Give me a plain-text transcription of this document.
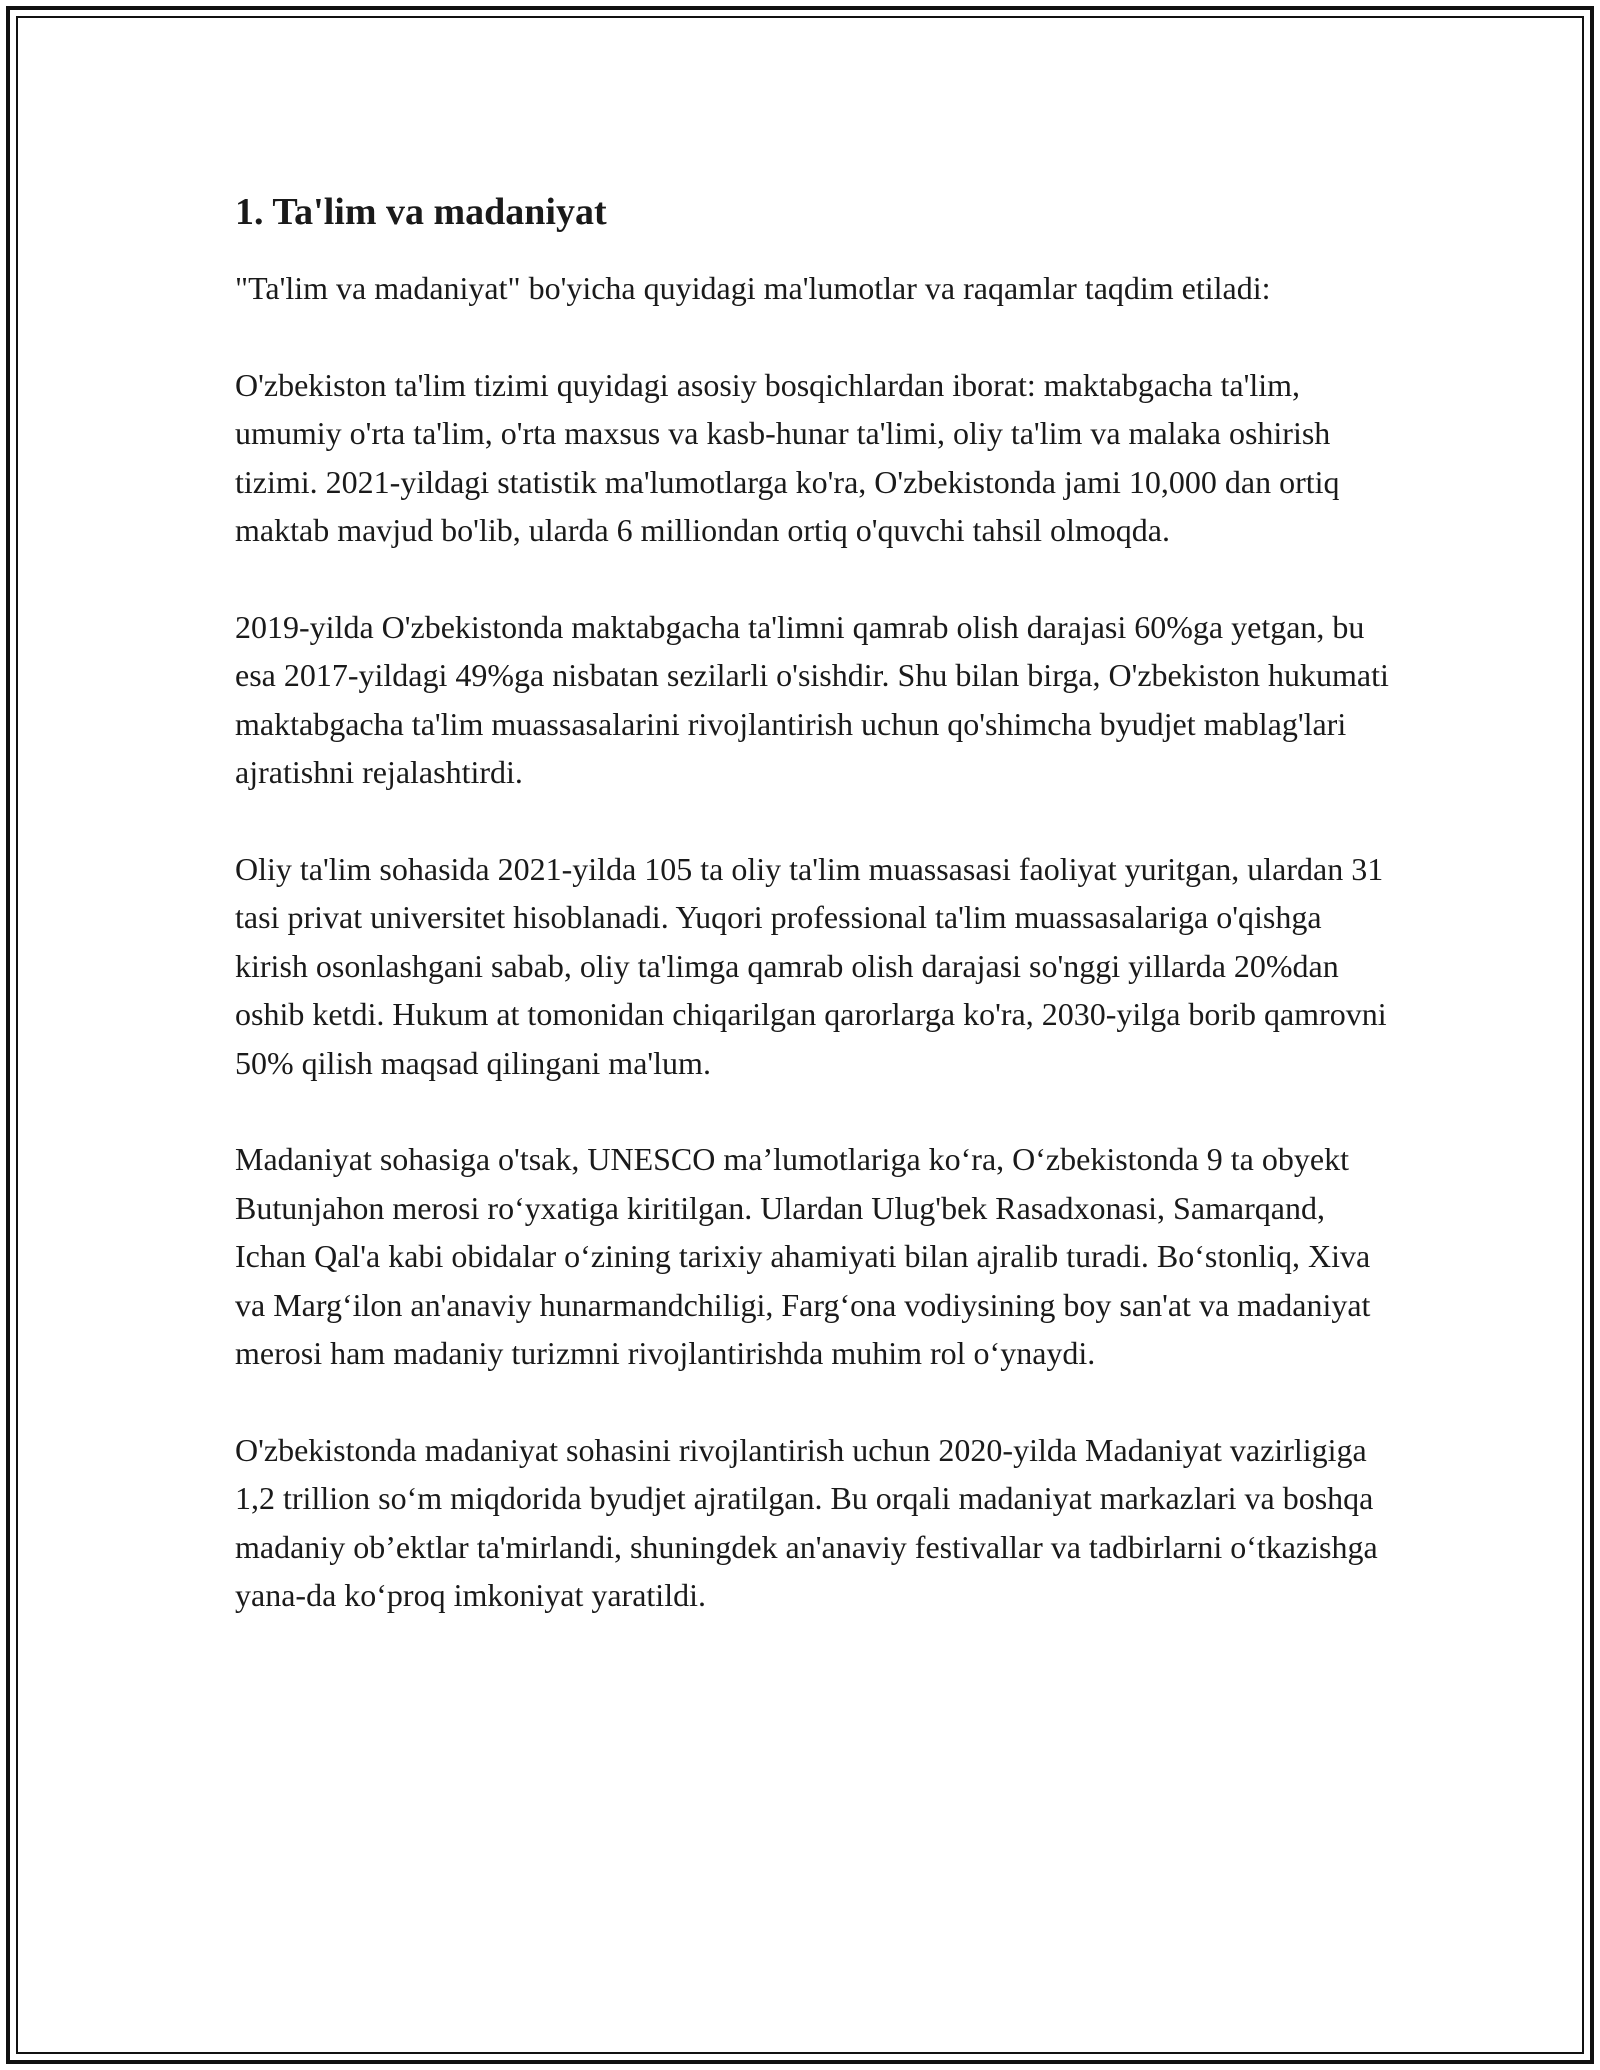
1. Ta'lim va madaniyat

"Ta'lim va madaniyat" bo'yicha quyidagi ma'lumotlar va raqamlar taqdim etiladi:

O'zbekiston ta'lim tizimi quyidagi asosiy bosqichlardan iborat: maktabgacha ta'lim, umumiy o'rta ta'lim, o'rta maxsus va kasb-hunar ta'limi, oliy ta'lim va malaka oshirish tizimi. 2021-yildagi statistik ma'lumotlarga ko'ra, O'zbekistonda jami 10,000 dan ortiq maktab mavjud bo'lib, ularda 6 milliondan ortiq o'quvchi tahsil olmoqda.

2019-yilda O'zbekistonda maktabgacha ta'limni qamrab olish darajasi 60%ga yetgan, bu esa 2017-yildagi 49%ga nisbatan sezilarli o'sishdir. Shu bilan birga, O'zbekiston hukumati maktabgacha ta'lim muassasalarini rivojlantirish uchun qo'shimcha byudjet mablag'lari ajratishni rejalashtirdi.

Oliy ta'lim sohasida 2021-yilda 105 ta oliy ta'lim muassasasi faoliyat yuritgan, ulardan 31 tasi privat universitet hisoblanadi. Yuqori professional ta'lim muassasalariga o'qishga kirish osonlashgani sabab, oliy ta'limga qamrab olish darajasi so'nggi yillarda 20%dan oshib ketdi. Hukum at tomonidan chiqarilgan qarorlarga ko'ra, 2030-yilga borib qamrovni 50% qilish maqsad qilingani ma'lum.

Madaniyat sohasiga o'tsak, UNESCO ma’lumotlariga ko‘ra, O‘zbekistonda 9 ta obyekt Butunjahon merosi ro‘yxatiga kiritilgan. Ulardan Ulug'bek Rasadxonasi, Samarqand, Ichan Qal'a kabi obidalar o‘zining tarixiy ahamiyati bilan ajralib turadi. Bo‘stonliq, Xiva va Marg‘ilon an'anaviy hunarmandchiligi, Farg‘ona vodiysining boy san'at va madaniyat merosi ham madaniy turizmni rivojlantirishda muhim rol o‘ynaydi.

O'zbekistonda madaniyat sohasini rivojlantirish uchun 2020-yilda Madaniyat vazirligiga 1,2 trillion so‘m miqdorida byudjet ajratilgan. Bu orqali madaniyat markazlari va boshqa madaniy ob’ektlar ta'mirlandi, shuningdek an'anaviy festivallar va tadbirlarni o‘tkazishga yana-da ko‘proq imkoniyat yaratildi.
